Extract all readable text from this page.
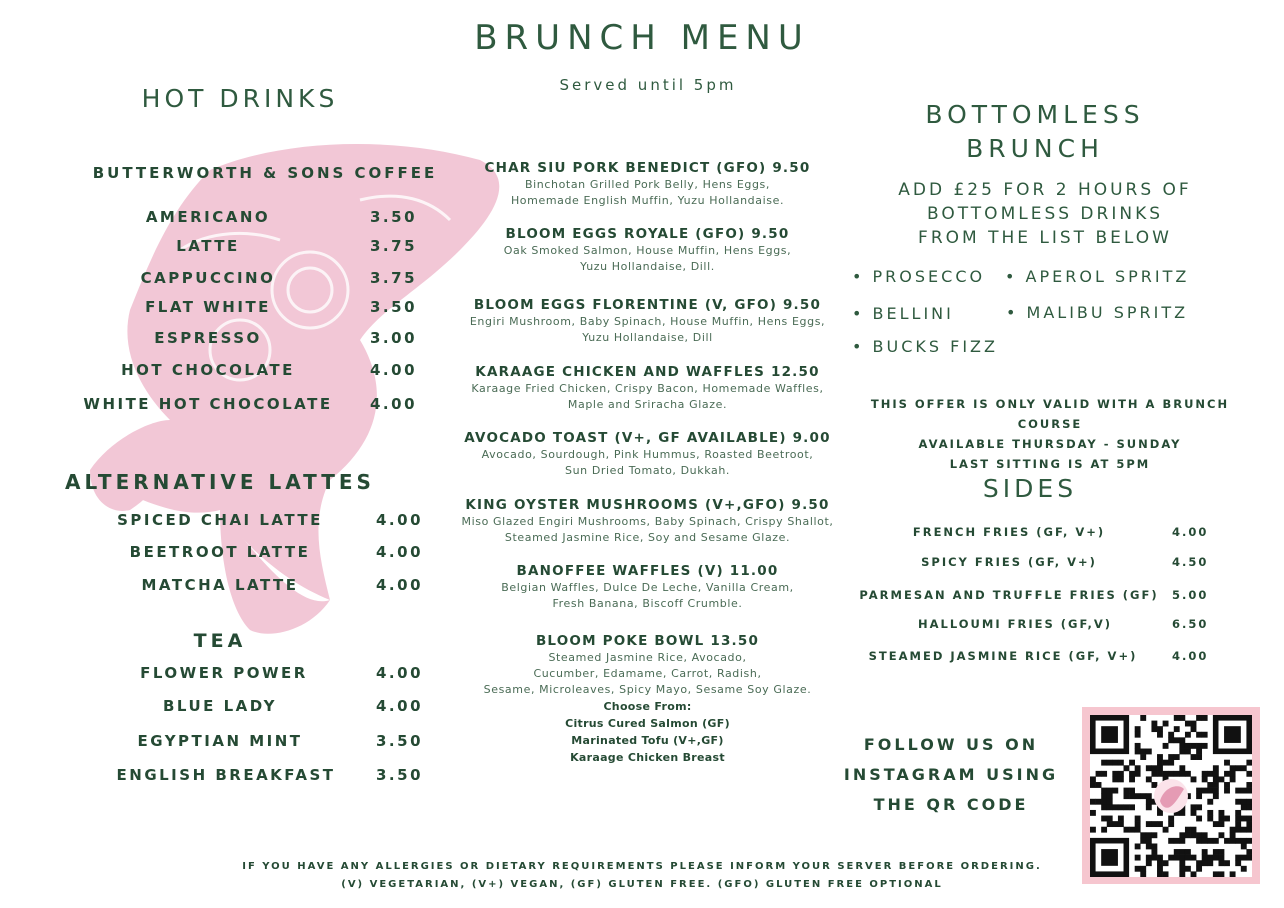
BRUNCH MENU
Served until 5pm
HOT DRINKS
BUTTERWORTH & SONS COFFEE
AMERICANO	3.50
LATTE	3.75
CAPPUCCINO	3.75
FLAT WHITE	3.50
ESPRESSO	3.00
HOT CHOCOLATE	4.00
WHITE HOT CHOCOLATE 4.00
ALTERNATIVE LATTES
SPICED CHAI LATTE	4.00
BEETROOT LATTE	4.00
MATCHA LATTE	4.00
TEA
FLOWER POWER	4.00
BLUE LADY	4.00
EGYPTIAN MINT	3.50
ENGLISH BREAKFAST	3.50
CHAR SIU PORK BENEDICT (GFO) 9.50
Binchotan Grilled Pork Belly, Hens Eggs,
Homemade English Muffin, Yuzu Hollandaise.
BLOOM EGGS ROYALE (GFO) 9.50
Oak Smoked Salmon, House Muffin, Hens Eggs,
Yuzu Hollandaise, Dill.
BLOOM EGGS FLORENTINE (V, GFO) 9.50
Engiri Mushroom, Baby Spinach, House Muffin, Hens Eggs,
Yuzu Hollandaise, Dill
KARAAGE CHICKEN AND WAFFLES 12.50
Karaage Fried Chicken, Crispy Bacon, Homemade Waffles,
Maple and Sriracha Glaze.
AVOCADO TOAST (V+, GF AVAILABLE) 9.00
Avocado, Sourdough, Pink Hummus, Roasted Beetroot,
Sun Dried Tomato, Dukkah.
KING OYSTER MUSHROOMS (V+,GFO) 9.50
Miso Glazed Engiri Mushrooms, Baby Spinach, Crispy Shallot,
Steamed Jasmine Rice, Soy and Sesame Glaze.
BANOFFEE WAFFLES (V) 11.00
Belgian Waffles, Dulce De Leche, Vanilla Cream,
Fresh Banana, Biscoff Crumble.
BLOOM POKE BOWL 13.50
Steamed Jasmine Rice, Avocado,
Cucumber, Edamame, Carrot, Radish,
Sesame, Microleaves, Spicy Mayo, Sesame Soy Glaze.
Choose From:
Citrus Cured Salmon (GF)
Marinated Tofu (V+,GF)
Karaage Chicken Breast
BOTTOMLESS
BRUNCH
ADD £25 FOR 2 HOURS OF
BOTTOMLESS DRINKS
FROM THE LIST BELOW
• PROSECCO • APEROL SPRITZ
• BELLINI	• MALIBU SPRITZ
• BUCKS FIZZ
THIS OFFER IS ONLY VALID WITH A BRUNCH COURSE
AVAILABLE THURSDAY - SUNDAY
LAST SITTING IS AT 5PM
SIDES
FRENCH FRIES (GF, V+)	4.00
SPICY FRIES (GF, V+)	4.50
PARMESAN AND TRUFFLE FRIES (GF) 5.00
HALLOUMI FRIES (GF,V)	6.50
STEAMED JASMINE RICE (GF, V+)	4.00
FOLLOW US ON
INSTAGRAM USING
THE QR CODE
IF YOU HAVE ANY ALLERGIES OR DIETARY REQUIREMENTS PLEASE INFORM YOUR SERVER BEFORE ORDERING.
(V) VEGETARIAN, (V+) VEGAN, (GF) GLUTEN FREE. (GFO) GLUTEN FREE OPTIONAL
